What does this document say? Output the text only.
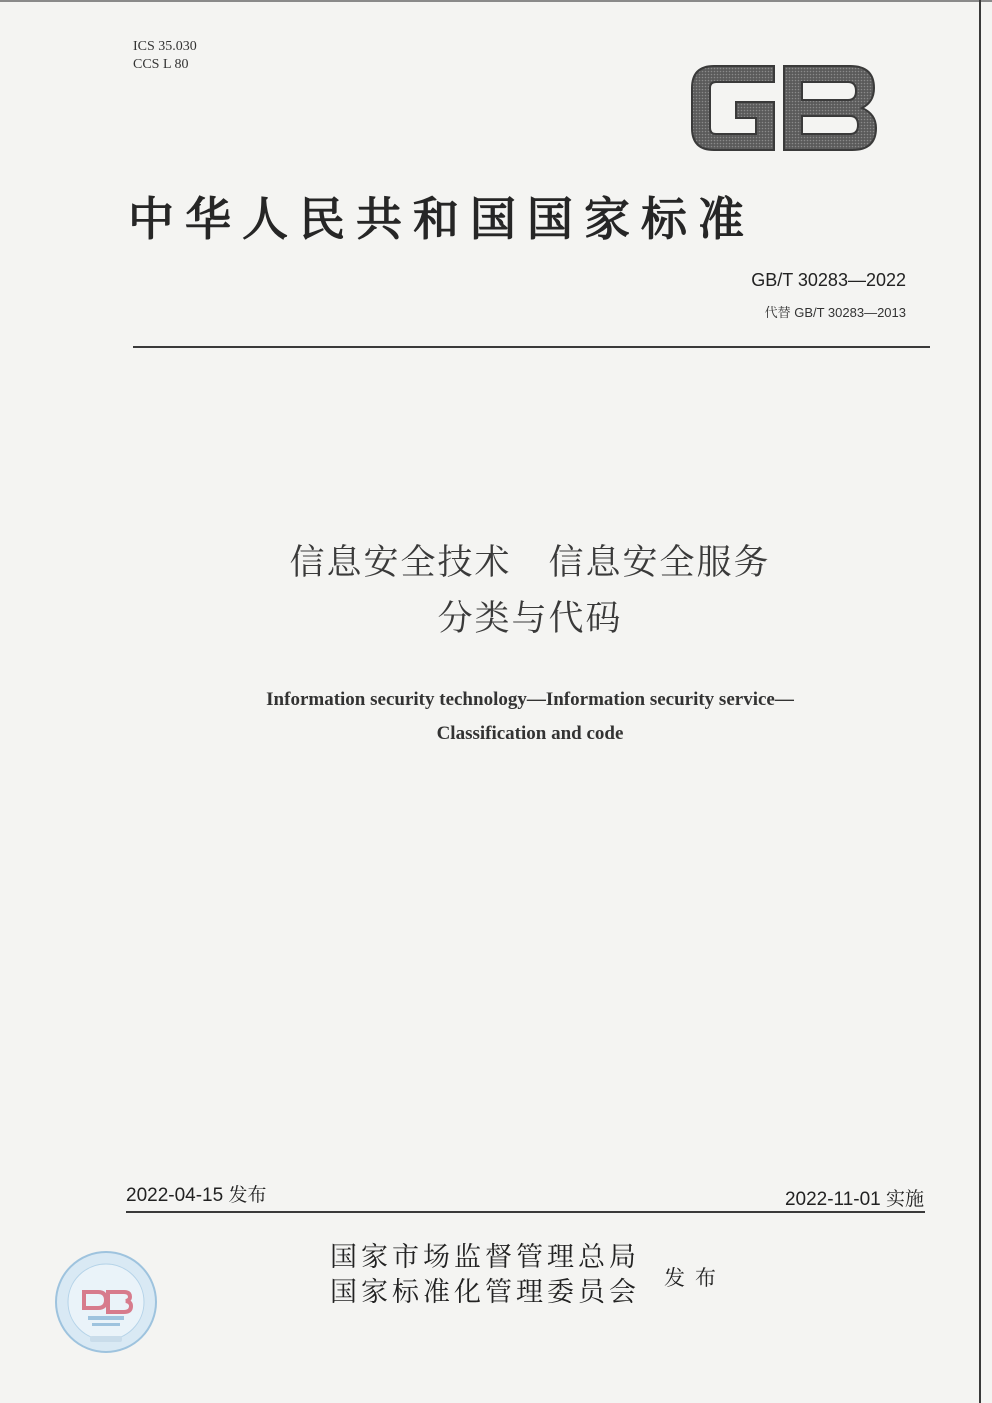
ICS 35.030
CCS L 80
中华人民共和国国家标准
GB/T 30283—2022
代替 GB/T 30283—2013
信息安全技术　信息安全服务
分类与代码
Information security technology—Information security service—
Classification and code
2022-04-15 发布	2022-11-01 实施
国家市场监督管理总局
国家标准化管理委员会 发布
